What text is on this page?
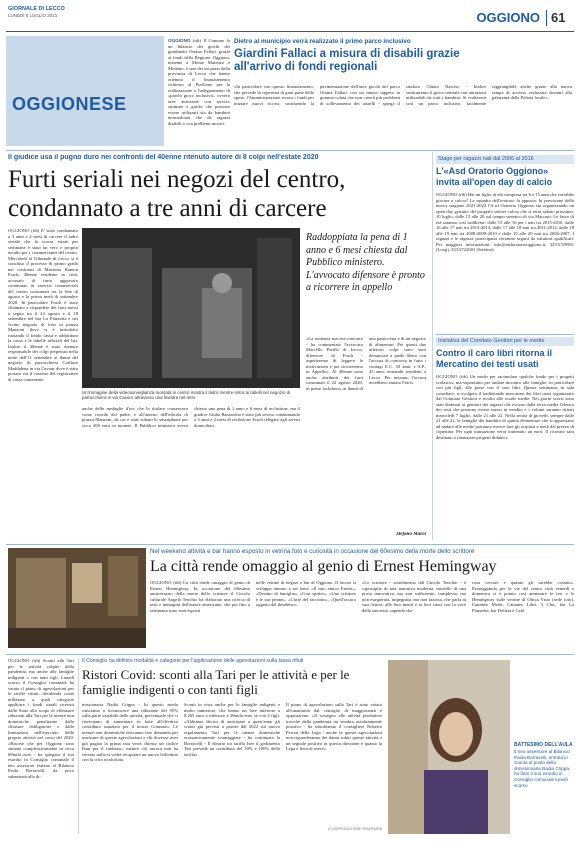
GIORNALE DI LECCO
LUNEDÌ 5 LUGLIO 2021	OGGIONO 61
OGGIONESE
OGGIONO (rtb) Il Comune fa un bilancio dei giochi dei giardinetti Oriana Fallaci grazie ai fondi della Regione. Oggiono, insieme a Monte Marenzo e Molteno, è uno dei tre paesi della provincia di Lecco che hanno ottenuto il finanziamento richiesto al Pirellone per la realizzazione o l'adeguamento di «parchi gioco inclusivi», ovvero aree attrezzate con servizi, strutture e giochi che possono essere utilizzati sia da bambini normodotati che da ragazzi disabili o con problemi motori.
Dietro al municipio verrà realizzato il primo parco inclusivo
Giardini Fallaci a misura di disabili grazie all'arrivo di fondi regionali
«In particolare con questo finanziamento, che prevede la copertura di gran parte delle spese, l'Amministrazione ricava i fondi per iniziare nuovi ricorsi, sostituendo la pavimentazione dell'area giochi del parco Oriana Fallaci con un nuovo tappeto in gomma colata che non creerà più problemi di sollevamento dei tasselli - spiega il sindaco Chiara Narciso - Inoltre sostituiremo il gioco centrale con attrazioni utilizzabili da tutti i bambini. Si realizzerà così un parco inclusivo, facilmente raggiungibile anche grazie alla nuova rampa di accesso realizzata davanti alla palazzina della Polizia locale».
Il giudice usa il pugno duro nei confronti del 40enne ritenuto autore di 8 colpi nell'estate 2020
Furti seriali nei negozi del centro,
condannato a tre anni di carcere
OGGIONO (rtb) E' stato condannato a 3 anni e 2 mesi di carcere il ladro seriale che la scorsa estate per settimane è stato un vero e proprio incubo per i commercianti del centro. Mercoledì al Tribunale di Lecco si è concluso il processo di primo grado nei confronti di Massimo Ramon Frach, 40enne residente in città, accusato di furto aggravato continuato in esercizi commerciali del centro consumati tra la fine di agosto e la prima metà di settembre 2020. In particolare Frach è stato chiamato a rispondere dei furti messi a segno tra il 24 agosto e il 18 settembre nel bar La Piazzetta e nei vicino negozio di fiori in piazza Manzoni dove si è introdotto ruotando il fondo cassa e addirittura la cassa e le tabelle ufficiali del bar. Inoltre il 40enne è stato ritenuto responsabile dei colpi perpetrati nella notte dell'11 settembre ai danni del negozio di parrucchiera Coiffure Maddalena in via Cavour dove è stato portato via il cassetto del registratore di cassa contenente
Un'immagine della videosorveglianza montata in centro mostra il ladro mentre entra ai tabelli nel negozio di parrucchiera in via Cavour attraverso una finestra nel retro
Raddoppiata la pena di 1 anno e 6 mesi chiesta dal Pubblico ministero. L'avvocato difensore è pronto a ricorrere in appello
anche delle medaglie d'oro che la titolare conservava come ricordo del padre, e all'interno dell'edicola di piazza Manzoni, da cui è stato rubato lo smartphone per circa 200 euro in monete. Il Pubblico ministero aveva chiesto una pena di 1 anno e 6 mesi di reclusione, ma il giudice Giulia Barazzetta è stato più severo condannando a 3 anni e 2 mesi di reclusione Frach relegato agli arresti domiciliari.
«La sentenza non mi convince - ha commentato l'avvocato Marcello Perillo di Lecco, difensore di Frach - aspetteremo di leggere le motivazioni e poi ricorreremo in Appello». Al 40enne sono anche attribuiti dei furti consumati il 22 agosto 2020, in pieno lockdown, ai danni di una pasticceria e di un negozio di alimentari. Per questi due ulteriori colpi sono stati denunciati a piede libero con l'accusa di concorso in furto i coniugi E.C. 50 anni, e S.P., 43 anni, entrambi residenti a Lecco. Per nessuno l'accusa avrebbero aiutato Frach.
Stefano Maroi
Stage per ragazzi nati dal 2006 al 2016
L'«Asd Oratorio Oggiono» invita all'open day di calcio
OGGIONO (rtb) Hai un figlio di età compresa tra 6 e 15 anni che vorrebbe giocare a calcio? La squadra dell'oratorio fa apposta: In previsione della nuova stagione 2021-2022 l'A.sd Oratorio Oggiono sta organizzando un open day gratuito del progetto settore calcio che si terrà sabato prossimo, 10 luglio, dalle 15 alle 20 sul campo sintetico di via Marconi. Le fasce di età saranno così suddivise: dalle 15 alle 16 per i nati tra 2015-2016, dalle 16 alle 17 nati tra 2013-2014, dalle 17 alle 18 nati tra 2011-2012, dalle 18 alle 19 nati tra 2008-2009-2010 e dalle 19 alle 20 nati tra 2006-2007. I ragazzi e le ragazze partecipanti verranno seguiti da istruttori qualificati. Per maggiori informazioni: info@asdoratoriooggiono.it, 335/5729981 (Loop), 333/2722681 (Stefano).
Iniziativa del Comitato Genitori per le medie
Contro il caro libri ritorna il Mercatino dei testi usati
OGGIONO (rtb) Un modo per racimolare qualche fondo per i progetti scolastici, ma soprattutto per andare incontro alle famiglie, in particolare con più figli, alle prese con il caro libri. Questa settimana, in sala consiliare, si svolgerà il tradizionale mercatino dei libri usati organizzato dal Comitato Genitori e rivolto alle scuole medie. Nei giorni scorsi sono stati diramati ai genitori dei ragazzi che escono dalla terza media l'elenco dei testi che possono essere messi in vendita e i volumi saranno ritirati mercoledì 7 luglio, dalle 21 alle 22. Nella serata di giovedì, sempre dalle 21 alle 22, le famiglie dei bambini di quinta elementare che si apprestano ad andare alle medie potranno invece fare gli acquisti a metà del prezzo di copertina. Per ogni transazione verrà trattenuto un euro: Il ricavato sarà destinato a finanziare progetti didattici.
Nel weekend attività e bar hanno esposto in vetrina foto e curiosità in occasione del 60esimo della morte dello scrittore
La città rende omaggio al genio di Ernest Hemingway
OGGIONO (rtb) La città rende omaggio al genio di Ernest Hemingway. In occasione del 60esimo anniversario della morte dello scrittore il Circolo culturale Angelo Tenchio ha elaborato una ricerca di testi e immagini dell'autore americano, che poi fino a settimana sono stati esposti
nelle vetrine di negozi e bar di Oggiono. Il lavoro si sviluppa attorno a set temi: «Il mio amico Ernest», «Destino di famiglia», «Cosi spirito», «Uno scrittore e le sue penne», «L'arte del racconto», «Quell'oscuro oggetto del desiderio».
«Lo scrittore - sottolineano dal Circolo Tenchio - è capostipite di una narrativa moderna, modello di una prosa innovativa, ma non sufficiente, complessa, ma non esasperata, impegnata, ma non faziosa, che parla ai suoi lettori, alle loro menti e ai loro cuori con la voce della sincerità, sapendo che
cosa cercare e quanto gli sarebbe costato». Passeggiando per le vie del centro città venerdì e domenica si è potuto così ammirare le tesi e le Hemingway sulle vetrine di Ottica Visio (sede foto), Cattaneo Mode, Cattaneo Libri, 3 Chic, bar La Piazzetta, bar Delizia e Café.
OGGIONO (rtb) Sconti alla Tari per le attività colpite dalla pandemia, ma anche alle famiglie indigenti o con tanti figli. Lunedì scorso il Consiglio comunale ha varato il piano di agevolazioni per le tariffe rifiuti, decidendo come utilizzare a quali categorie applicare i fondi statali ricevuti dallo Stato allo scopo di effettuare riduzioni alla Tari per le utenze non domestiche penalizzate dalle chiusure obbligatorie o dalle limitazioni nell'esercizio delle proprie attività nel corso del 2020. «Risorse che per Oggiono sono stimate complessivamente in circa 69mila euro - ha spiegato il suo esordio in Consiglio comunale il neo assessore esterno al Bilancio Paola Borracelli, da poco subentrata alla di-
Il Consiglio ha definito modalità e categorie per l'applicazione delle agevolazioni sulla tassa rifiuti
Ristori Covid: sconti alla Tari per le attività e per le famiglie indigenti o con tanti figli
missionaria Nadia Crippa - In questo modo riusciamo a riconoscere una riduzione del 95% sulla parte variabile delle attività, percentuale che ci riserviamo di aumentare in base all'effettivo contributo stanziato per il nostro Comune». Le utenze non domestiche dovranno fare domanda per usufruire di queste agevolazioni e chi dovesse aver già pagato la prima rata verrà chiesto un codice Iban per il rimborso, mentre chi ancora non ha versato nulla si vedrà recapitare un nuovo bollettino con la cifra ricalcolata.
Sconti in vista anche per le famiglie indigenti e molto numerose, che hanno un Isee inferiore a 8.265 euro o inferiore a 20mila euro se con 4 figli. «Abbiamo deciso di anticipare a quest'anno gli sconti già previsti a partire dal 2022 sul nuovo regolamento Tari per le utenze domestiche economicamente svantaggiate - ha continuato la Borracelli - Il divario tra tariffa Isee il godimento Tari prevede un contributo del 50% e 100% della tariffa».
Il piano di agevolazioni sulla Tari è stato votato all'unanimità dal consiglio di maggioranza e opposizione. «Il sostegno alle attività produttive travolte dalla pandemia mi sembra assolutamente positivo - ha sottolineato il consigliere Roberto Ferrari della Lega - anche se queste agevolazioni non riguarderanno dei danni subiti queste attività e un segnale positivo in questa direzione è quanto la Lega è fiera di avere».
(C) RIPRODUZIONE RISERVATA
BATTESIMO DELL'AULA
Il neo assessore al Bilancio Paola Borracelli, entrata in Giunta al posto della dimissionaria Nadia Crippa, ha fatto il suo esordio in Consiglio comunale lunedì scorso
